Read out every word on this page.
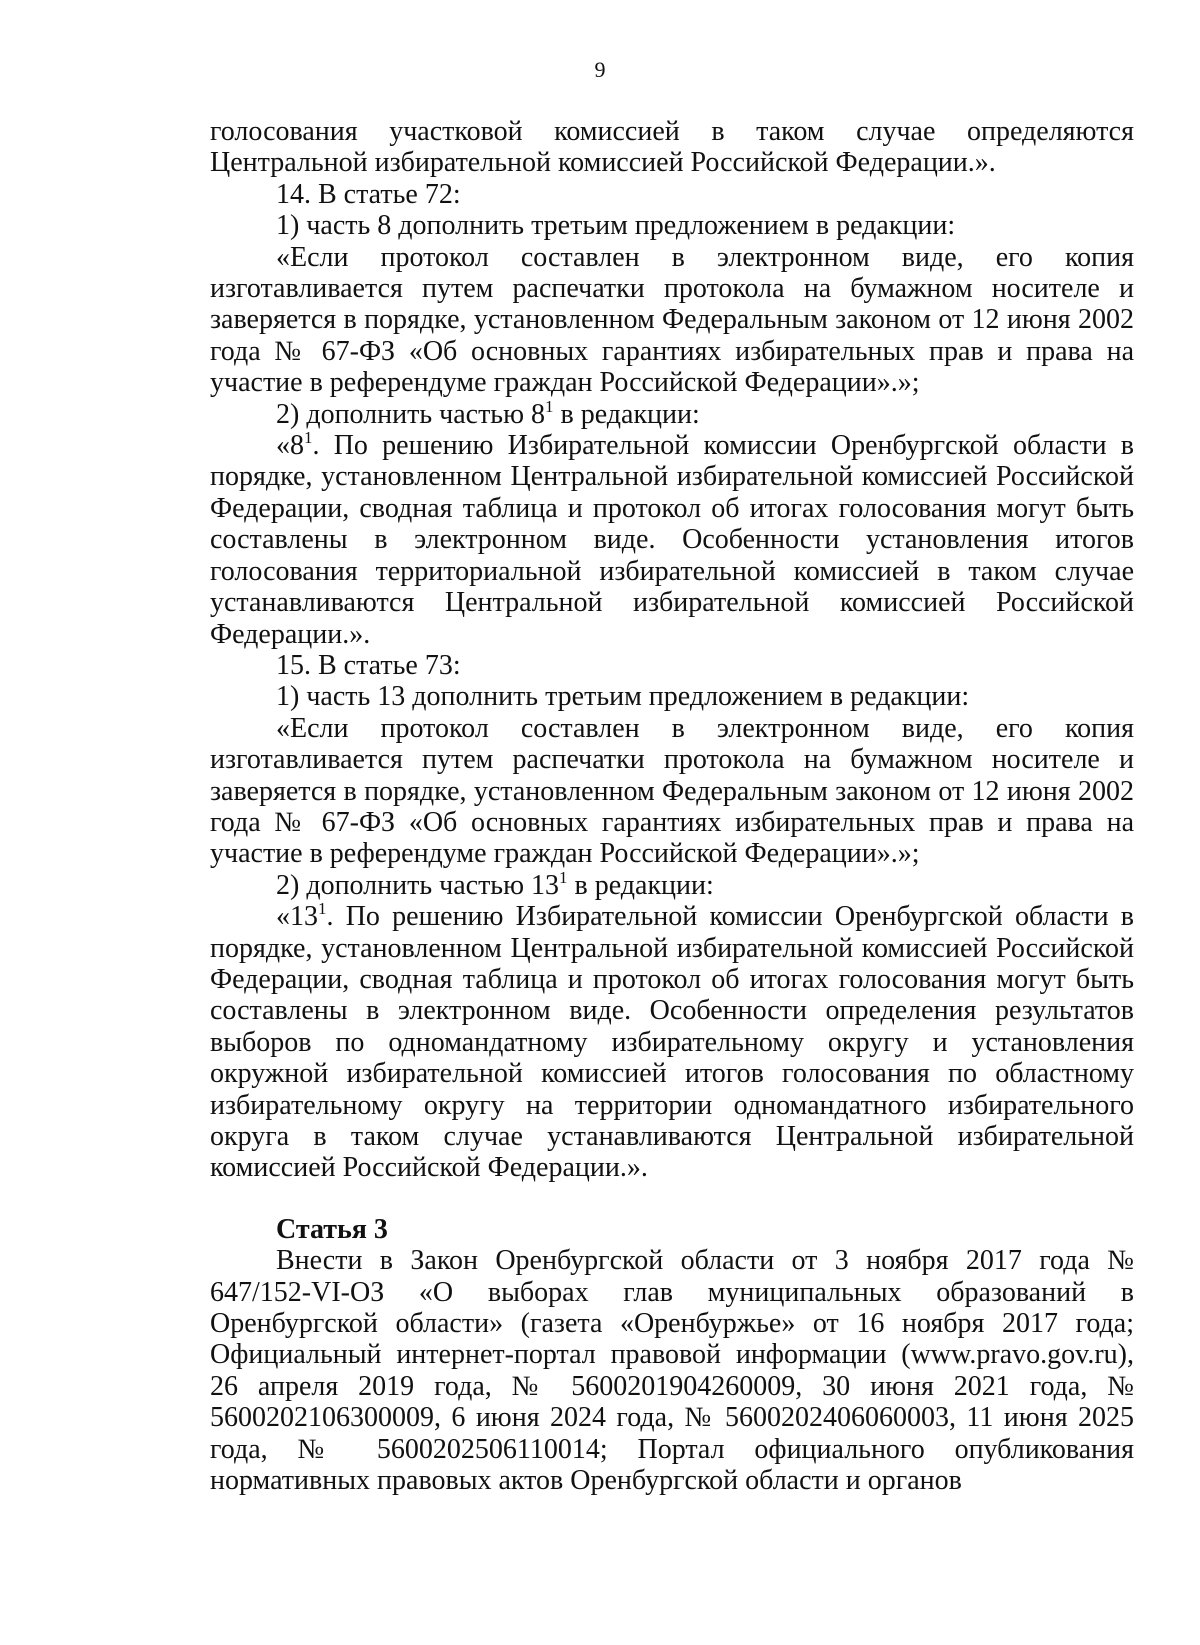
9

голосования участковой комиссией в таком случае определяются Центральной избирательной комиссией Российской Федерации.».

14. В статье 72:

1) часть 8 дополнить третьим предложением в редакции:

«Если протокол составлен в электронном виде, его копия изготавливается путем распечатки протокола на бумажном носителе и заверяется в порядке, установленном Федеральным законом от 12 июня 2002 года № 67-ФЗ «Об основных гарантиях избирательных прав и права на участие в референдуме граждан Российской Федерации».»;

2) дополнить частью $8^1$ в редакции:

«$8^1$. По решению Избирательной комиссии Оренбургской области в порядке, установленном Центральной избирательной комиссией Российской Федерации, сводная таблица и протокол об итогах голосования могут быть составлены в электронном виде. Особенности установления итогов голосования территориальной избирательной комиссией в таком случае устанавливаются Центральной избирательной комиссией Российской Федерации.».

15. В статье 73:

1) часть 13 дополнить третьим предложением в редакции:

«Если протокол составлен в электронном виде, его копия изготавливается путем распечатки протокола на бумажном носителе и заверяется в порядке, установленном Федеральным законом от 12 июня 2002 года № 67-ФЗ «Об основных гарантиях избирательных прав и права на участие в референдуме граждан Российской Федерации».»;

2) дополнить частью $13^1$ в редакции:

«$13^1$. По решению Избирательной комиссии Оренбургской области в порядке, установленном Центральной избирательной комиссией Российской Федерации, сводная таблица и протокол об итогах голосования могут быть составлены в электронном виде. Особенности определения результатов выборов по одномандатному избирательному округу и установления окружной избирательной комиссией итогов голосования по областному избирательному округу на территории одномандатного избирательного округа в таком случае устанавливаются Центральной избирательной комиссией Российской Федерации.».

Статья 3

Внести в Закон Оренбургской области от 3 ноября 2017 года № 647/152-VI-ОЗ «О выборах глав муниципальных образований в Оренбургской области» (газета «Оренбуржье» от 16 ноября 2017 года; Официальный интернет-портал правовой информации (www.pravo.gov.ru), 26 апреля 2019 года, № 5600201904260009, 30 июня 2021 года, № 5600202106300009, 6 июня 2024 года, № 5600202406060003, 11 июня 2025 года, № 5600202506110014; Портал официального опубликования нормативных правовых актов Оренбургской области и органов
